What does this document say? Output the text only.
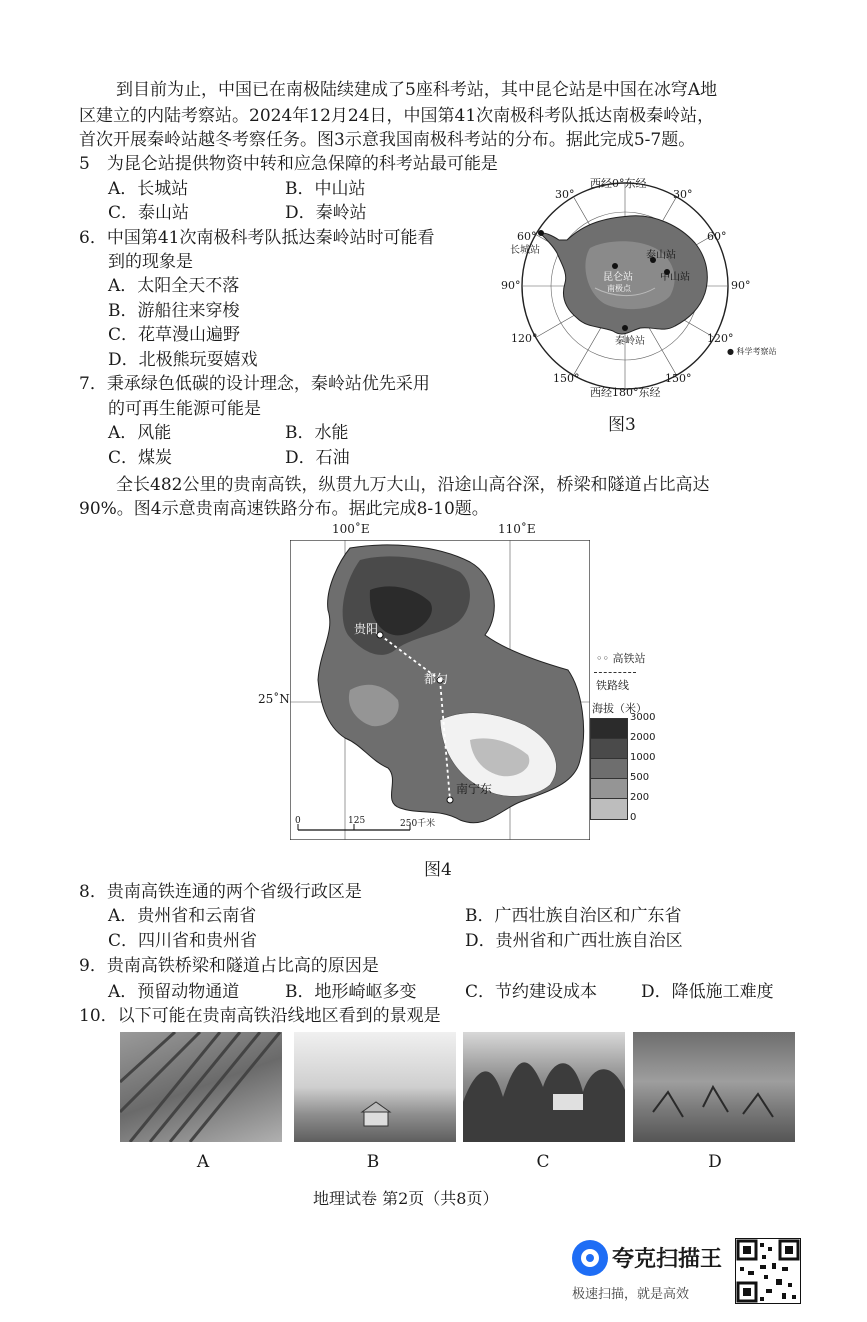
到目前为止，中国已在南极陆续建成了5座科考站，其中昆仑站是中国在冰穹A地
区建立的内陆考察站。2024年12月24日，中国第41次南极科考队抵达南极秦岭站，
首次开展秦岭站越冬考察任务。图3示意我国南极科考站的分布。据此完成5-7题。
5　为昆仑站提供物资中转和应急保障的科考站最可能是
A．长城站	B．中山站
C．泰山站	D．秦岭站
6．中国第41次南极科考队抵达秦岭站时可能看
到的现象是
A．太阳全天不落
B．游船往来穿梭
C．花草漫山遍野
D．北极熊玩耍嬉戏
7．秉承绿色低碳的设计理念，秦岭站优先采用
的可再生能源可能是
A．风能	B．水能
C．煤炭	D．石油
西经0°东经
西经180°东经
30°	30°
60°	60°
90°	90°
120°	120°
150°	150°
长城站	泰山站
中山站
昆仑站
南极点
秦岭站
● 科学考察站
图3
全长482公里的贵南高铁，纵贯九万大山，沿途山高谷深，桥梁和隧道占比高达
90%。图4示意贵南高速铁路分布。据此完成8-10题。
100˚E	110˚E
25˚N
贵阳
都匀
南宁东
0	125	250千米
◦◦ 高铁站
铁路线
海拔（米）
3000
2000
1000
500
200
0
图4
8．贵南高铁连通的两个省级行政区是
A．贵州省和云南省	B．广西壮族自治区和广东省
C．四川省和贵州省	D．贵州省和广西壮族自治区
9．贵南高铁桥梁和隧道占比高的原因是
A．预留动物通道	B．地形崎岖多变	C．节约建设成本	D．降低施工难度
10．以下可能在贵南高铁沿线地区看到的景观是
A	B	C	D
地理试卷 第2页（共8页）
夸克扫描王
极速扫描，就是高效
